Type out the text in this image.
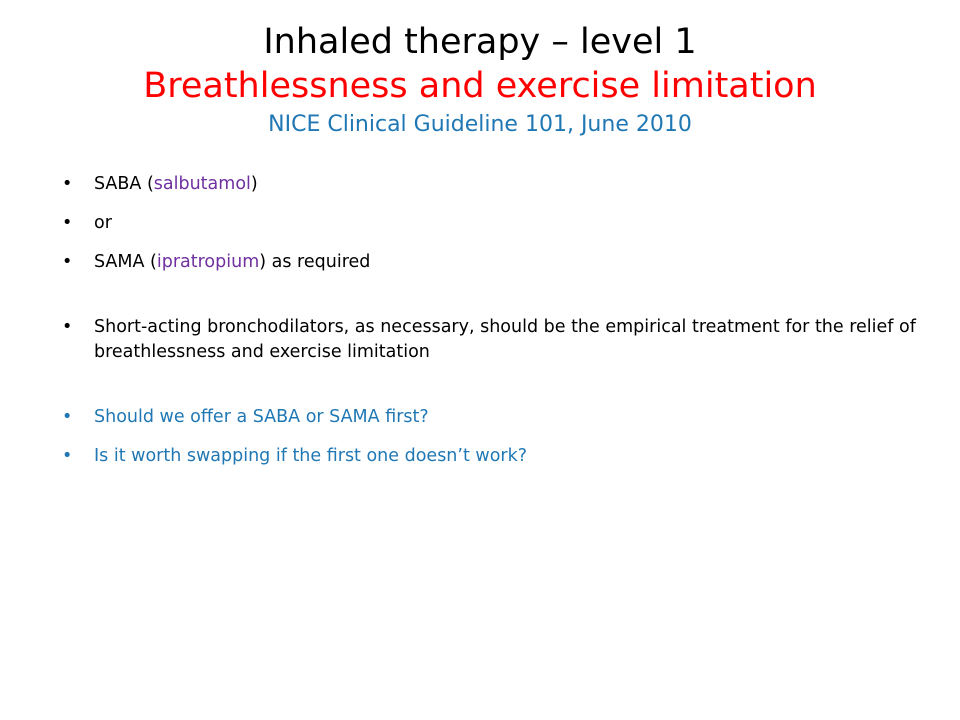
Inhaled therapy – level 1
Breathlessness and exercise limitation
NICE Clinical Guideline 101, June 2010
• SABA (salbutamol)
• or
• SAMA (ipratropium) as required
• Short-acting bronchodilators, as necessary, should be the empirical treatment for the relief of breathlessness and exercise limitation
• Should we offer a SABA or SAMA first?
• Is it worth swapping if the first one doesn’t work?
